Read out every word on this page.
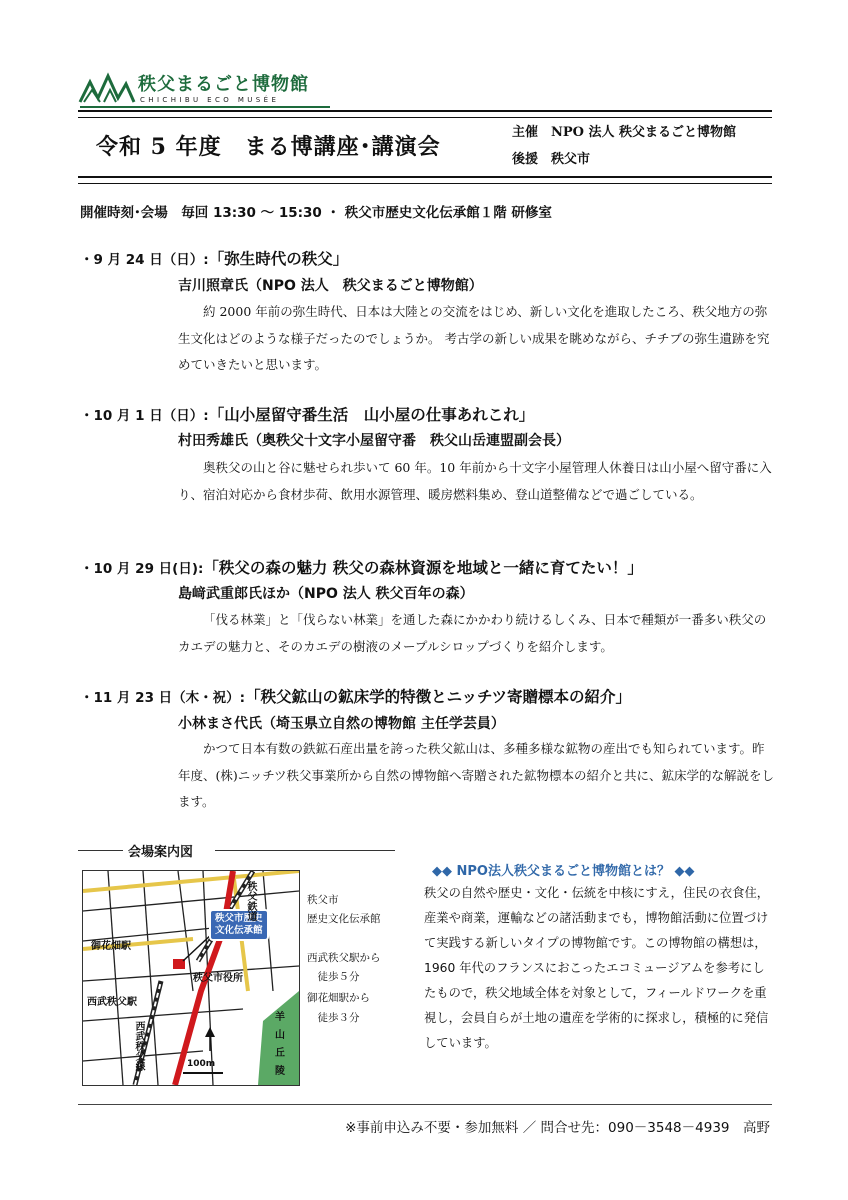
秩父まるごと博物館
CHICHIBU ECO MUSÉE
令和 5 年度　まる博講座･講演会
主催　NPO 法人 秩父まるごと博物館
後援　秩父市
開催時刻･会場　毎回 13:30 ～ 15:30 ・ 秩父市歴史文化伝承館１階 研修室
・9 月 24 日（日）:「弥生時代の秩父」
吉川照章氏（NPO 法人　秩父まるごと博物館）

約 2000 年前の弥生時代、日本は大陸との交流をはじめ、新しい文化を進取したころ、秩父地方の弥生文化はどのような様子だったのでしょうか。 考古学の新しい成果を眺めながら、チチブの弥生遺跡を究めていきたいと思います。

・10 月 1 日（日）:「山小屋留守番生活　山小屋の仕事あれこれ」
村田秀雄氏（奥秩父十文字小屋留守番　秩父山岳連盟副会長）

奥秩父の山と谷に魅せられ歩いて 60 年。10 年前から十文字小屋管理人休養日は山小屋へ留守番に入り、宿泊対応から食材歩荷、飲用水源管理、暖房燃料集め、登山道整備などで過ごしている。

・10 月 29 日(日):「秩父の森の魅力 秩父の森林資源を地域と一緒に育てたい！」
島﨑武重郎氏ほか（NPO 法人 秩父百年の森）

「伐る林業」と「伐らない林業」を通した森にかかわり続けるしくみ、日本で種類が一番多い秩父のカエデの魅力と、そのカエデの樹液のメープルシロップづくりを紹介します。

・11 月 23 日（木・祝）:「秩父鉱山の鉱床学的特徴とニッチツ寄贈標本の紹介」
小林まさ代氏（埼玉県立自然の博物館 主任学芸員）

かつて日本有数の鉄鉱石産出量を誇った秩父鉱山は、多種多様な鉱物の産出でも知られています。昨年度、(株)ニッチツ秩父事業所から自然の博物館へ寄贈された鉱物標本の紹介と共に、鉱床学的な解説をします。

会場案内図
秩父市歴史
文化伝承館
秩父鉄道
御花畑駅
秩父市役所
西武秩父駅
西武秩父線
羊
山
丘
陵
100m
秩父市
歴史文化伝承館
西武秩父駅から
　徒歩５分
御花畑駅から
　徒歩３分
◆◆ NPO法人秩父まるごと博物館とは？ ◆◆

秩父の自然や歴史・文化・伝統を中核にすえ，住民の衣食住，産業や商業，運輸などの諸活動までも，博物館活動に位置づけて実践する新しいタイプの博物館です。この博物館の構想は，1960 年代のフランスにおこったエコミュージアムを参考にしたもので，秩父地域全体を対象として，フィールドワークを重視し，会員自らが土地の遺産を学術的に探求し，積極的に発信しています。

※事前申込み不要・参加無料 ／ 問合せ先：090－3548－4939　高野
